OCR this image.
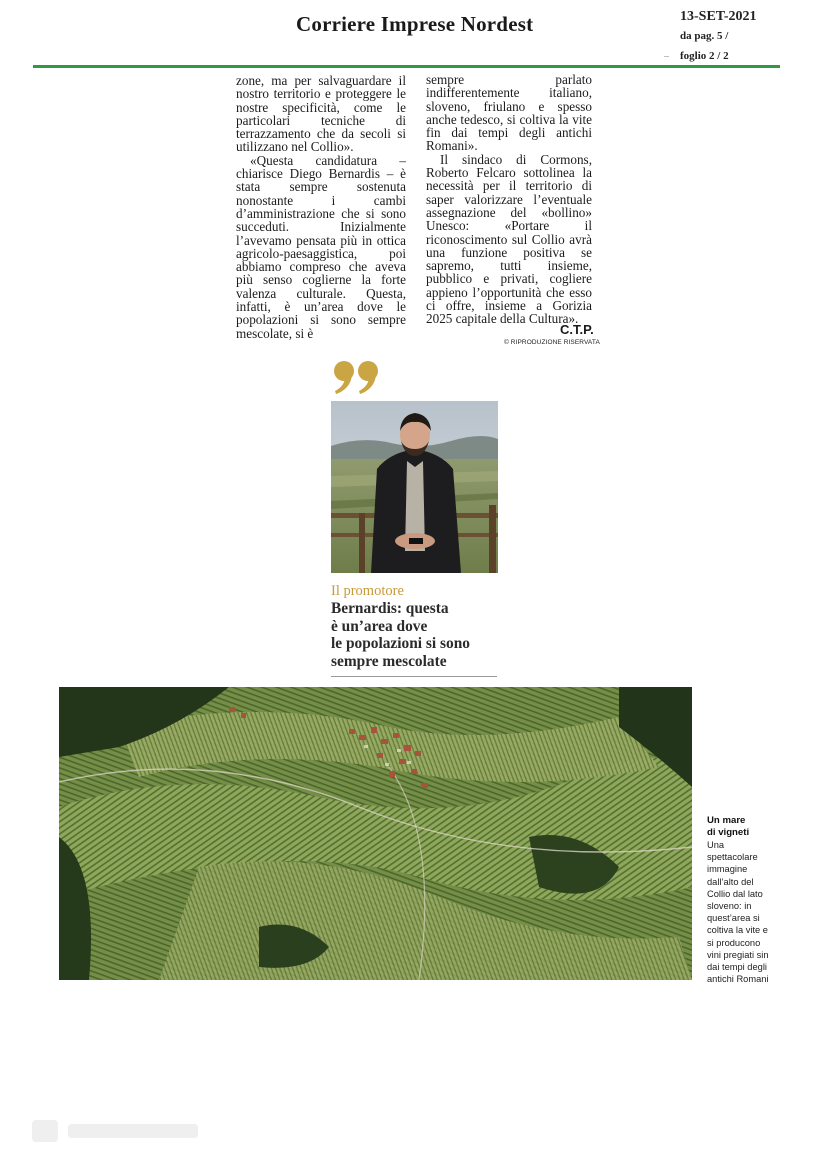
Corriere Imprese Nordest	13-SET-2021
da pag. 5 /
– foglio 2 / 2

zone, ma per salvaguardare il nostro territorio e proteggere le nostre specificità, come le particolari tecniche di terrazzamento che da secoli si utilizzano nel Collio».

«Questa candidatura – chiarisce Diego Bernardis – è stata sempre sostenuta nonostante i cambi d’amministrazione che si sono succeduti. Inizialmente l’avevamo pensata più in ottica agricolo-paesaggistica, poi abbiamo compreso che aveva più senso coglierne la forte valenza culturale. Questa, infatti, è un’area dove le popolazioni si sono sempre mescolate, si è

sempre parlato indifferentemente italiano, sloveno, friulano e spesso anche tedesco, si coltiva la vite fin dai tempi degli antichi Romani».

Il sindaco di Cormons, Roberto Felcaro sottolinea la necessità per il territorio di saper valorizzare l’eventuale assegnazione del «bollino» Unesco: «Portare il riconoscimento sul Collio avrà una funzione positiva se sapremo, tutti insieme, pubblico e privati, cogliere appieno l’opportunità che esso ci offre, insieme a Gorizia 2025 capitale della Cultura».

C.T.P.
© RIPRODUZIONE RISERVATA
Il promotore
Bernardis: questa
è un’area dove
le popolazioni si sono
sempre mescolate
Un mare
di vigneti
Una
spettacolare
immagine
dall’alto del
Collio dal lato
sloveno: in
quest’area si
coltiva la vite e
si producono
vini pregiati sin
dai tempi degli
antichi Romani
